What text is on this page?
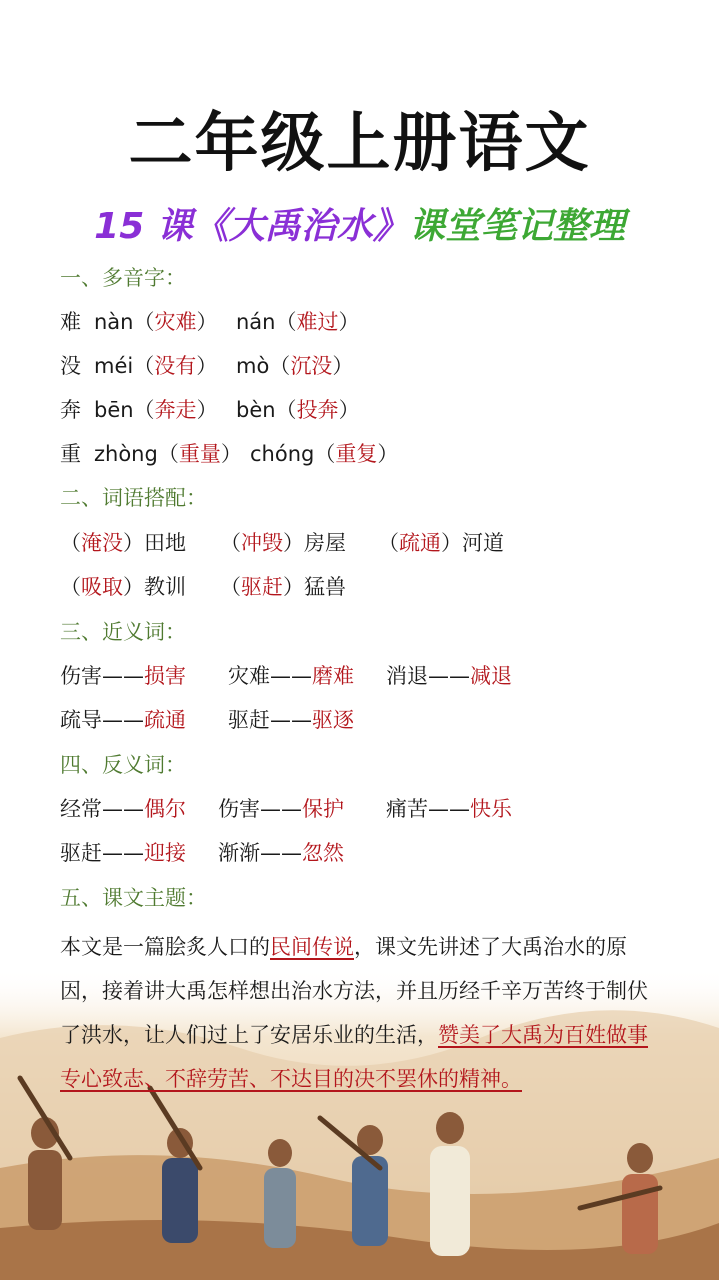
二年级上册语文
15 课《大禹治水》课堂笔记整理
一、多音字：
难 nàn（灾难） nán（难过）
没 méi（没有） mò（沉没）
奔 bēn（奔走） bèn（投奔）
重 zhòng（重量） chóng（重复）
二、词语搭配：
（淹没）田地 （冲毁）房屋 （疏通）河道
（吸取）教训 （驱赶）猛兽
三、近义词：
伤害——损害 灾难——磨难 消退——减退
疏导——疏通 驱赶——驱逐
四、反义词：
经常——偶尔 伤害——保护 痛苦——快乐
驱赶——迎接 渐渐——忽然
五、课文主题：
本文是一篇脍炙人口的民间传说，课文先讲述了大禹治水的原因，接着讲大禹怎样想出治水方法，并且历经千辛万苦终于制伏了洪水，让人们过上了安居乐业的生活，赞美了大禹为百姓做事专心致志、不辞劳苦、不达目的决不罢休的精神。
